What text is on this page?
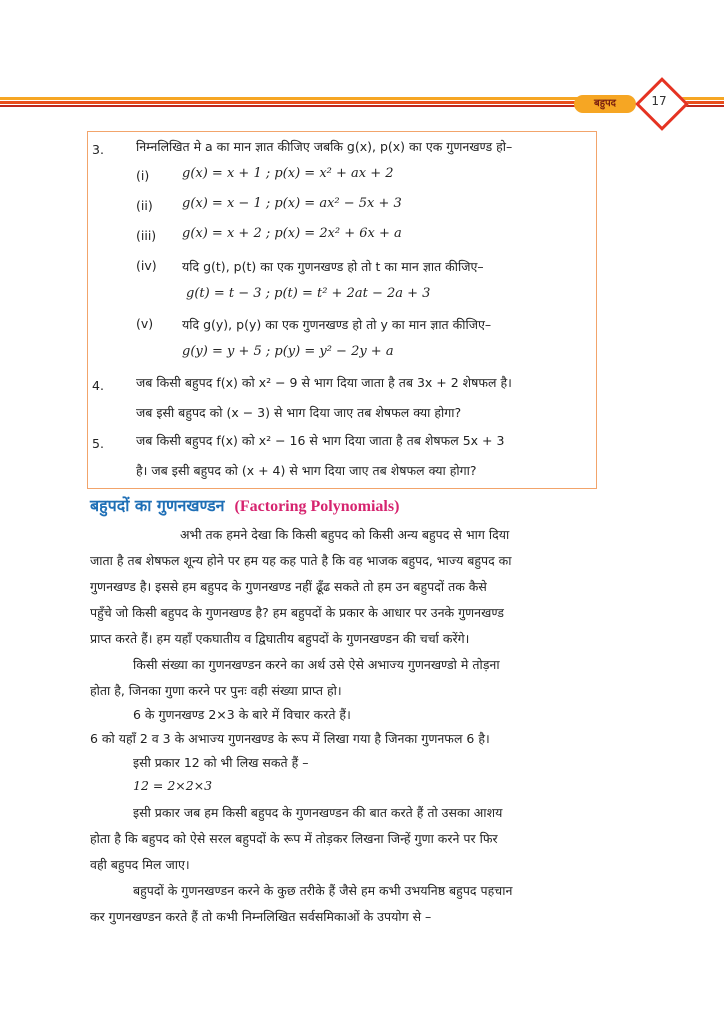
बहुपद	17
3.	निम्नलिखित मे a का मान ज्ञात कीजिए जबकि g(x), p(x) का एक गुणनखण्ड हो–
(i)	g(x) = x + 1 ; p(x) = x² + ax + 2
(ii) g(x) = x − 1 ; p(x) = ax² − 5x + 3
(iii) g(x) = x + 2 ; p(x) = 2x² + 6x + a
(iv) यदि g(t), p(t) का एक गुणनखण्ड हो तो t का मान ज्ञात कीजिए–
g(t) = t − 3 ; p(t) = t² + 2at − 2a + 3
(v) यदि g(y), p(y) का एक गुणनखण्ड हो तो y का मान ज्ञात कीजिए–
g(y) = y + 5 ; p(y) = y² − 2y + a
4.	जब किसी बहुपद f(x) को x² − 9 से भाग दिया जाता है तब 3x + 2 शेषफल है।
जब इसी बहुपद को (x − 3) से भाग दिया जाए तब शेषफल क्या होगा?
5.	जब किसी बहुपद f(x) को x² − 16 से भाग दिया जाता है तब शेषफल 5x + 3
है। जब इसी बहुपद को (x + 4) से भाग दिया जाए तब शेषफल क्या होगा?
बहुपदों का गुणनखण्डन (Factoring Polynomials)
अभी तक हमने देखा कि किसी बहुपद को किसी अन्य बहुपद से भाग दिया
जाता है तब शेषफल शून्य होने पर हम यह कह पाते है कि वह भाजक बहुपद, भाज्य बहुपद का
गुणनखण्ड है। इससे हम बहुपद के गुणनखण्ड नहीं ढूँढ सकते तो हम उन बहुपदों तक कैसे
पहुँचे जो किसी बहुपद के गुणनखण्ड है? हम बहुपदों के प्रकार के आधार पर उनके गुणनखण्ड
प्राप्त करते हैं। हम यहाँ एकघातीय व द्विघातीय बहुपदों के गुणनखण्डन की चर्चा करेंगे।
किसी संख्या का गुणनखण्डन करने का अर्थ उसे ऐसे अभाज्य गुणनखण्डो मे तोड़ना
होता है, जिनका गुणा करने पर पुनः वही संख्या प्राप्त हो।
6 के गुणनखण्ड 2×3 के बारे में विचार करते हैं।
6 को यहाँ 2 व 3 के अभाज्य गुणनखण्ड के रूप में लिखा गया है जिनका गुणनफल 6 है।
इसी प्रकार 12 को भी लिख सकते हैं –
12 = 2×2×3
इसी प्रकार जब हम किसी बहुपद के गुणनखण्डन की बात करते हैं तो उसका आशय
होता है कि बहुपद को ऐसे सरल बहुपदों के रूप में तोड़कर लिखना जिन्हें गुणा करने पर फिर
वही बहुपद मिल जाए।
बहुपदों के गुणनखण्डन करने के कुछ तरीके हैं जैसे हम कभी उभयनिष्ठ बहुपद पहचान
कर गुणनखण्डन करते हैं तो कभी निम्नलिखित सर्वसमिकाओं के उपयोग से –
